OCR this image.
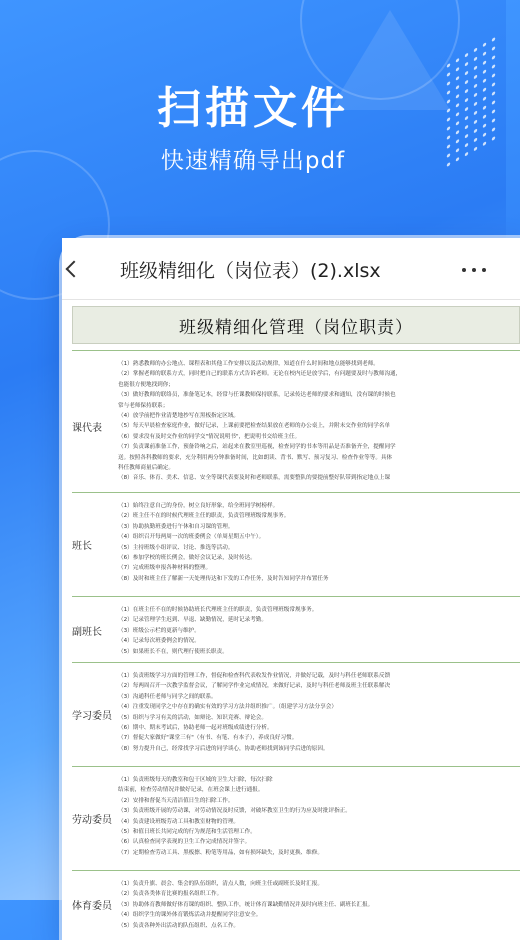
扫描文件
快速精确导出pdf
班级精细化（岗位表）(2).xlsx
班级精细化管理（岗位职责）
课代表
（1）熟悉教师的办公地点、课程表和其他工作安排以及活动规律，知道在什么时间和地点能够找到老师。
（2）掌握老师的联系方式，同时把自己的联系方式告诉老师。无论在校内还是放学后，有问题要及时与教师沟通，
也能很方便地找到你；
（3）做好教师的联络员，准备笔记本，经常与任课教师保持联系，记录传达老师的要求和通知，没有课的时候也
常与老师保持联系；
（4）放学前把作业清楚地抄写在黑板指定区域。
（5）每天早晨检查家庭作业，做好记录，上课前要把检查结果放在老师的办公桌上，并附未交作业的同学名单
（6）要求没有及时交作业的同学交"情况说明书"，把说明书交给班主任。
（7）负责课前准备工作，预备铃响之后，站起来在教室里巡视，检查同学的书本等用品是否准备齐全，提醒同学
送。按照各科教师的要求，充分利用两分钟准备时间，比如朗读、背书、默写、预习复习、检查作业等等。具体
科任教师商量后确定。
（8）音乐、体育、美术、信息、安全等课代表要及时和老师联系，需要整队的要提前整好队带到指定地点上课
班长
（1）始终注意自己的身份，树立良好形象，给全班同学树榜样。
（2）班主任不在的时候代理班主任的职责，负责管理班级常规事务。
（3）协助执勤班委进行午休和自习课的管理。
（4）组织召开每两周一次的班委例会（单周星期五中午）。
（5）主持班级小组评议、讨论、推选等活动。
（6）参加学校的班长例会，做好会议记录，及时传达。
（7）完成班级申报各种材料的整理。
（8）及时和班主任了解新一天处理传达和下发的工作任务，及时告知同学并布置任务
副班长
（1）在班主任不在的时候协助班长代理班主任的职责，负责管理班级常规事务。
（2）记录管理学生迟到、早退、缺勤情况，延时记录考勤。
（3）班级公示栏的更新与维护。
（4）记录每次班委例会的情况。
（5）如果班长不在，则代理行使班长职责。
学习委员
（1）负责班级学习方面的管理工作，督促和检查科代表收发作业情况，并做好记载，及时与科任老师联系反馈
（2）每两周召开一次教学监督会议，了解同学作业完成情况，来做好记录，及时与科任老师及班主任联系解决
（3）沟通科任老师与同学之间的联系。
（4）注重发现同学之中存在的确实有效的学习方法并组织推广。（组建学习方法分享会）
（5）组织与学习有关的活动，如辩论、知识竞赛、辩论会。
（6）期中、期末考试后，协助老师一起对班级成绩进行分析。
（7）督促大家做好"课堂三有"（有书、有笔、有本子），养成良好习惯。
（8）努力提升自己，经常找学习后进的同学谈心，协助老师找到该同学后进的原因。
劳动委员
（1）负责班级每天的教室和包干区域的卫生大扫除，每次扫除
结束前，检查劳动情况并做好记录，在班会课上进行通报。
（2）安排和督促当天清洁值日生的扫除工作。
（3）负责班级开展的劳动课，对劳动情况及时反馈，对破坏教室卫生的行为应及时批评指正。
（4）负责建设班级劳动工具和教室财物的管理。
（5）和值日班长共同完成的行为规范和生活管理工作。
（6）认真检查同学表现的卫生工作完成情况并签字。
（7）定期检查劳动工具、黑板擦、粉笔等用品，如有损坏缺失，及时更换、维修。
体育委员
（1）负责升旗、晨会、集会的队伍组织，清点人数，向班主任或副班长及时汇报。
（2）负责各类体育比赛的报名组织工作。
（3）协助体育教师做好体育课的组织、整队工作，统计体育课缺勤情况并及时向班主任、副班长汇报。
（4）组织学生的课外体育锻炼活动并提醒同学注意安全。
（5）负责各种外出活动的队伍组织、点名工作。
